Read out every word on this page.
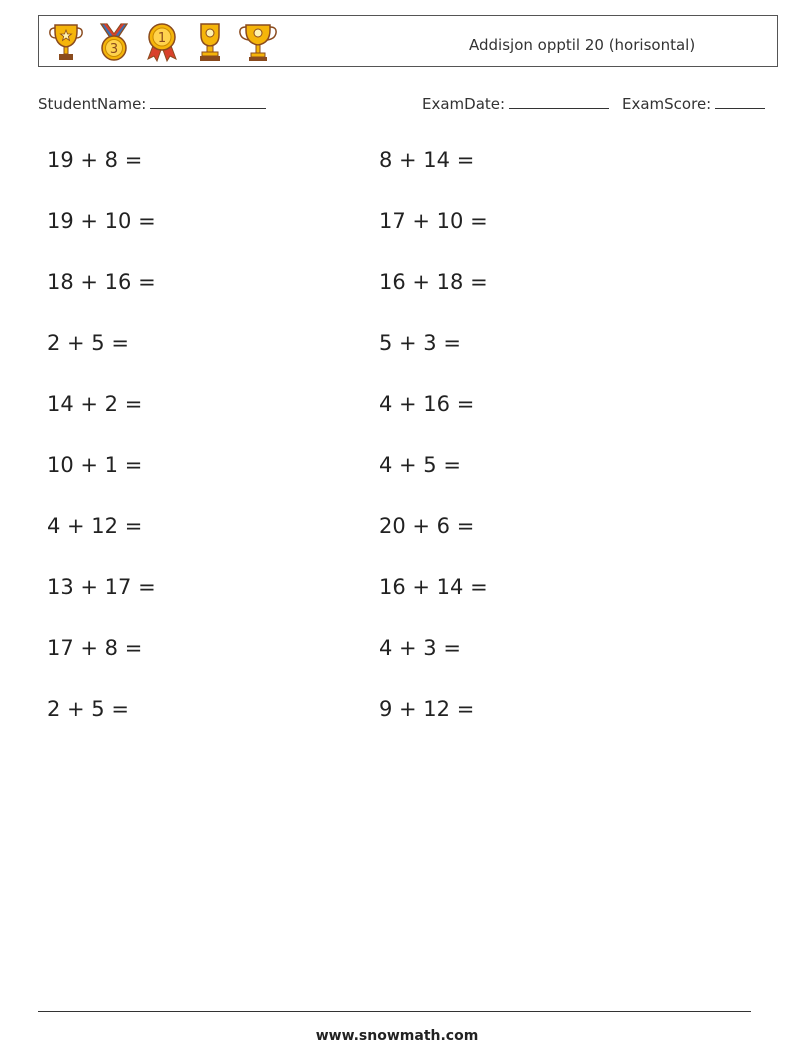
3
1	Addisjon opptil 20 (horisontal)
StudentName:	ExamDate:	ExamScore:
19 + 8 =	8 + 14 =
19 + 10 =	17 + 10 =
18 + 16 =	16 + 18 =
2 + 5 =	5 + 3 =
14 + 2 =	4 + 16 =
10 + 1 =	4 + 5 =
4 + 12 =	20 + 6 =
13 + 17 =	16 + 14 =
17 + 8 =	4 + 3 =
2 + 5 =	9 + 12 =
www.snowmath.com
